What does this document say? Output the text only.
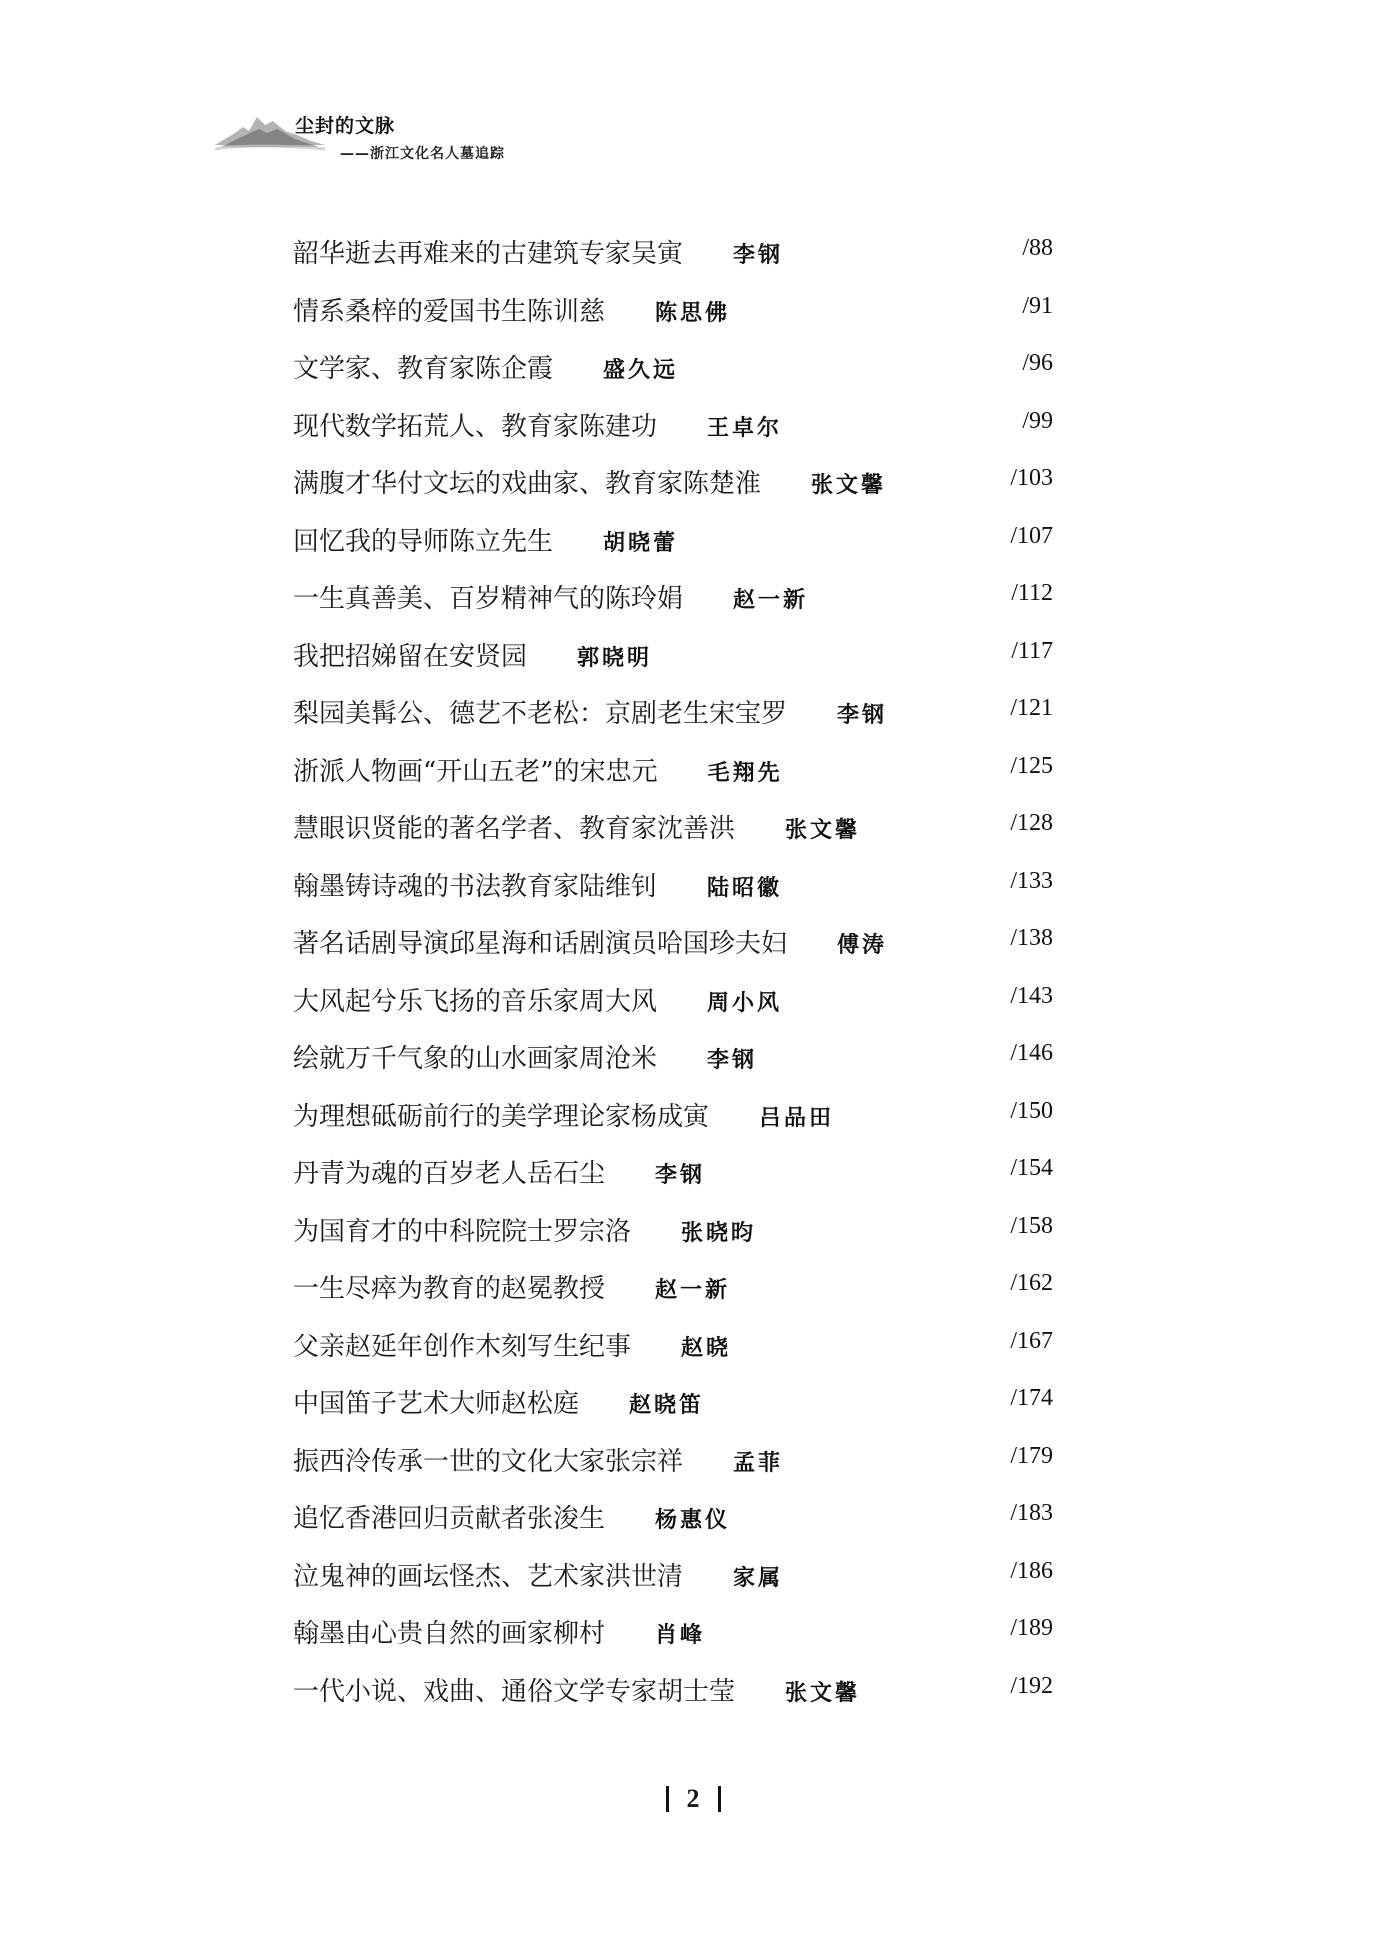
尘封的文脉
——浙江文化名人墓追踪
韶华逝去再难来的古建筑专家吴寅 李钢	/88
情系桑梓的爱国书生陈训慈 陈思佛	/91
文学家、教育家陈企霞 盛久远	/96
现代数学拓荒人、教育家陈建功 王卓尔	/99
满腹才华付文坛的戏曲家、教育家陈楚淮 张文馨	/103
回忆我的导师陈立先生 胡晓蕾	/107
一生真善美、百岁精神气的陈玲娟 赵一新	/112
我把招娣留在安贤园 郭晓明	/117
梨园美髯公、德艺不老松：京剧老生宋宝罗 李钢	/121
浙派人物画“开山五老”的宋忠元 毛翔先	/125
慧眼识贤能的著名学者、教育家沈善洪 张文馨	/128
翰墨铸诗魂的书法教育家陆维钊 陆昭徽	/133
著名话剧导演邱星海和话剧演员哈国珍夫妇 傅涛	/138
大风起兮乐飞扬的音乐家周大风 周小风	/143
绘就万千气象的山水画家周沧米 李钢	/146
为理想砥砺前行的美学理论家杨成寅 吕品田	/150
丹青为魂的百岁老人岳石尘 李钢	/154
为国育才的中科院院士罗宗洛 张晓昀	/158
一生尽瘁为教育的赵冕教授 赵一新	/162
父亲赵延年创作木刻写生纪事 赵晓	/167
中国笛子艺术大师赵松庭 赵晓笛	/174
振西泠传承一世的文化大家张宗祥 孟菲	/179
追忆香港回归贡献者张浚生 杨惠仪	/183
泣鬼神的画坛怪杰、艺术家洪世清 家属	/186
翰墨由心贵自然的画家柳村 肖峰	/189
一代小说、戏曲、通俗文学专家胡士莹 张文馨	/192
2
